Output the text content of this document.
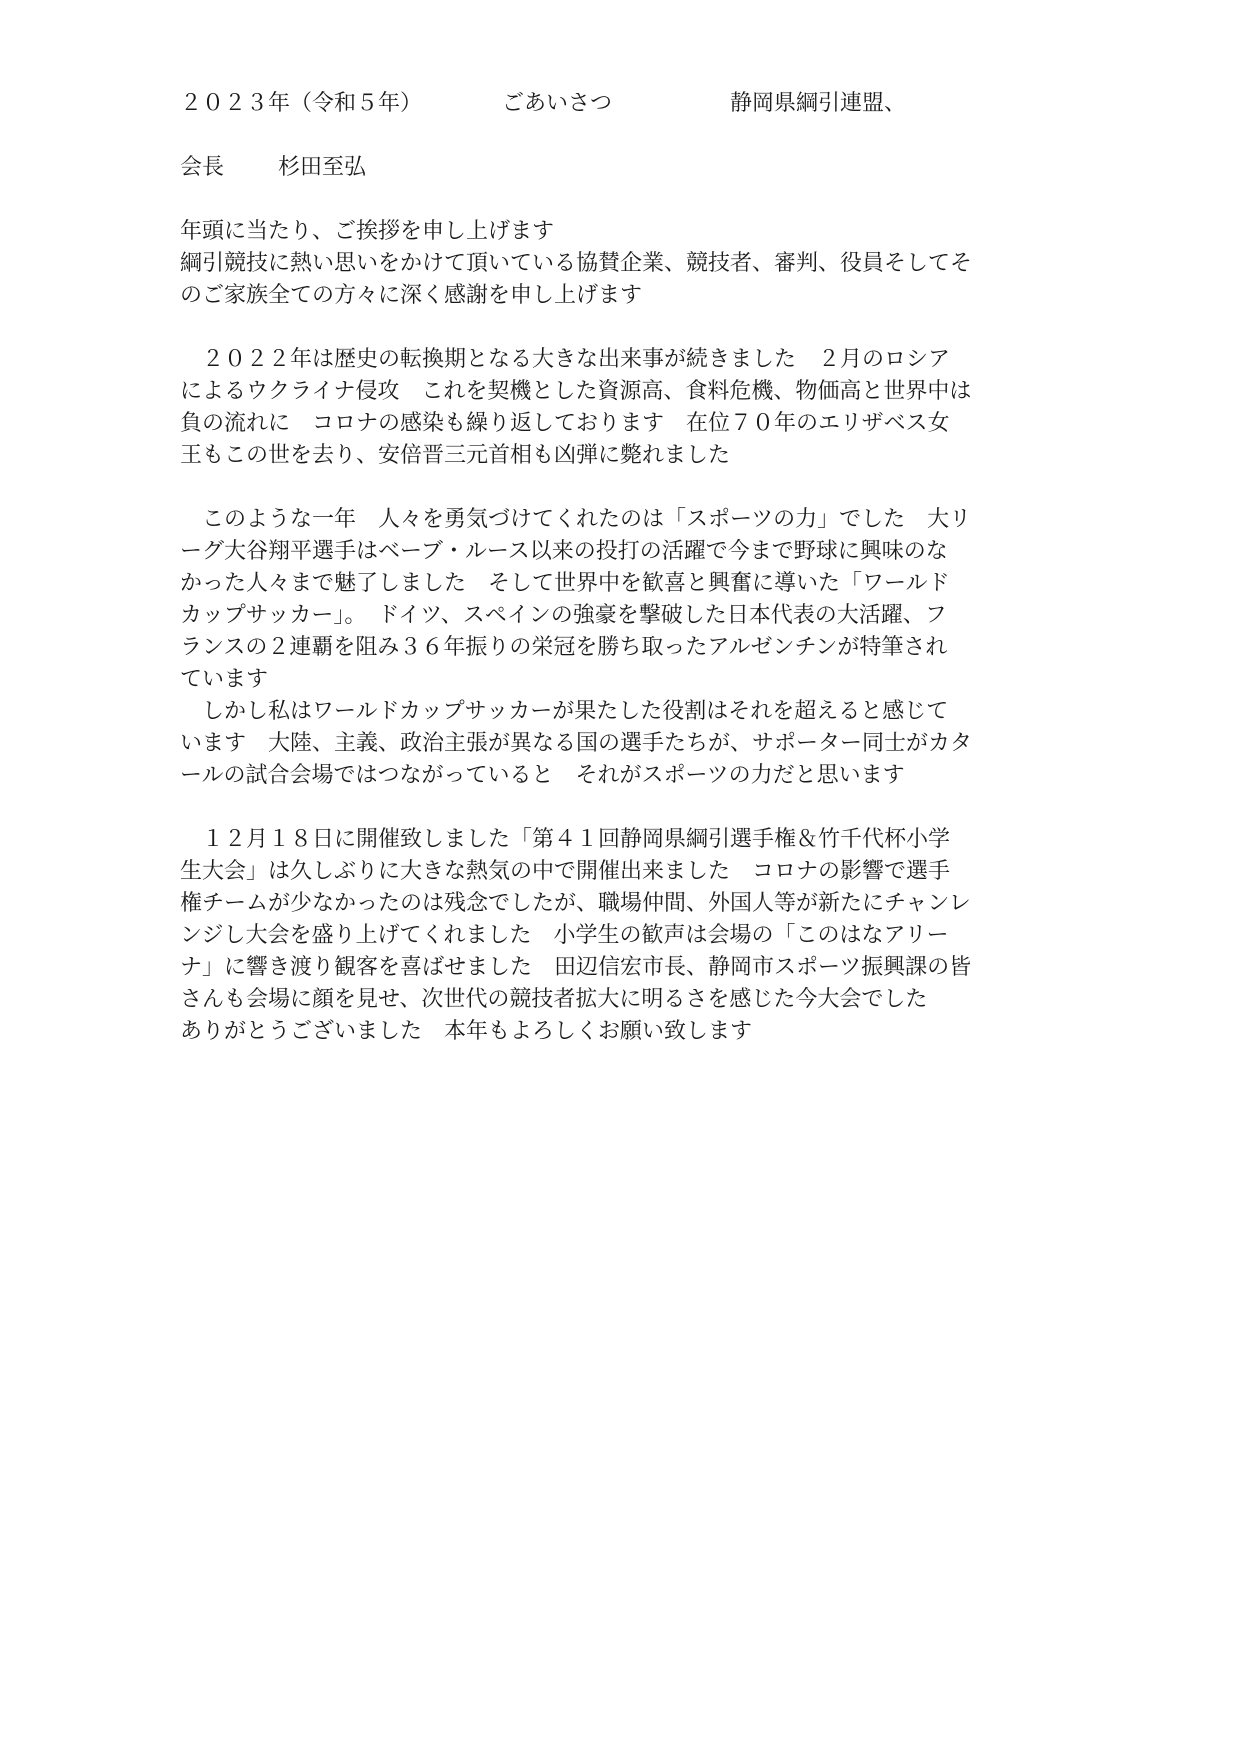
２０２３年（令和５年）	ごあいさつ	静岡県綱引連盟、
会長 杉田至弘
年頭に当たり、ご挨拶を申し上げます
綱引競技に熱い思いをかけて頂いている協賛企業、競技者、審判、役員そしてそ
のご家族全ての方々に深く感謝を申し上げます
　２０２２年は歴史の転換期となる大きな出来事が続きました　２月のロシア
によるウクライナ侵攻　これを契機とした資源高、食料危機、物価高と世界中は
負の流れに　コロナの感染も繰り返しております　在位７０年のエリザベス女
王もこの世を去り、安倍晋三元首相も凶弾に斃れました
　このような一年　人々を勇気づけてくれたのは「スポーツの力」でした　大リ
ーグ大谷翔平選手はベーブ・ルース以来の投打の活躍で今まで野球に興味のな
かった人々まで魅了しました　そして世界中を歓喜と興奮に導いた「ワールド
カップサッカー」。　ドイツ、スペインの強豪を撃破した日本代表の大活躍、フ
ランスの２連覇を阻み３６年振りの栄冠を勝ち取ったアルゼンチンが特筆され
ています
　しかし私はワールドカップサッカーが果たした役割はそれを超えると感じて
います　大陸、主義、政治主張が異なる国の選手たちが、サポーター同士がカタ
ールの試合会場ではつながっていると　それがスポーツの力だと思います
　１２月１８日に開催致しました「第４１回静岡県綱引選手権＆竹千代杯小学
生大会」は久しぶりに大きな熱気の中で開催出来ました　コロナの影響で選手
権チームが少なかったのは残念でしたが、職場仲間、外国人等が新たにチャンレ
ンジし大会を盛り上げてくれました　小学生の歓声は会場の「このはなアリー
ナ」に響き渡り観客を喜ばせました　田辺信宏市長、静岡市スポーツ振興課の皆
さんも会場に顔を見せ、次世代の競技者拡大に明るさを感じた今大会でした
ありがとうございました　本年もよろしくお願い致します
